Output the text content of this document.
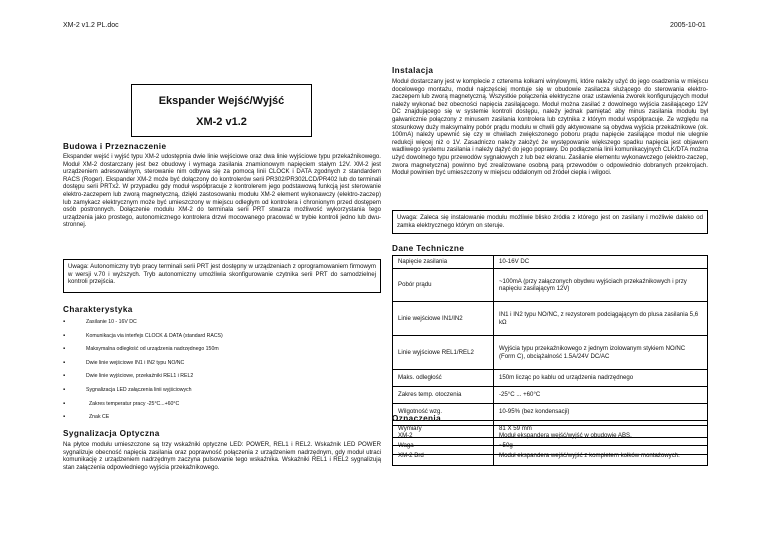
XM-2 v1.2 PL.doc	2005-10-01
Ekspander Wejść/Wyjść
XM-2 v1.2
Budowa i Przeznaczenie

Ekspander wejść i wyjść typu XM-2 udostępnia dwie linie wejściowe oraz dwa linie wyjściowe typu przekaźnikowego. Moduł XM-2 dostarczany jest bez obudowy i wymaga zasilania znamionowym napięciem stałym 12V. XM-2 jest urządzeniem adresowalnym, sterowanie nim odbywa się za pomocą linii CLOCK i DATA zgodnych z standardem RACS (Roger). Ekspander XM-2 może być dołączony do kontrolerów serii PR302/PR302LCD/PR402 lub do terminali dostępu serii PRTx2. W przypadku gdy moduł współpracuje z kontrolerem jego podstawową funkcją jest sterowanie elektro-zaczepem lub zworą magnetyczną, dzięki zastosowaniu modułu XM-2 element wykonawczy (elektro-zaczep) lub zamykacz elektrycznym może być umieszczony w miejscu odległym od kontrolera i chronionym przed dostępem osób postronnych. Dołączenie modułu XM-2 do terminala serii PRT stwarza możliwość wykorzystania tego urządzenia jako prostego, autonomicznego kontrolera drzwi mocowanego pracować w trybie kontroli jedno lub dwu-stronnej.

Uwaga: Autonomiczny tryb pracy terminali serii PRT jest dostępny w urządzeniach z oprogramowaniem firmowym w wersji v.70 i wyższych. Tryb autonomiczny umożliwia skonfigurowanie czytnika serii PRT do samodzielnej kontroli przejścia.
Charakterystyka
▪ Zasilanie 10 - 16V DC
▪ Komunikacja via interfejs CLOCK & DATA (standard RACS)
▪ Maksymalna odległość od urządzenia nadrzędnego 150m
▪ Dwie linie wejściowe IN1 i IN2 typu NO/NC
▪ Dwie linie wyjściowe, przekaźniki REL1 i REL2
▪ Sygnalizacja LED załączenia linii wyjściowych
▪ Zakres temperatur pracy -25°C...+60°C
▪ Znak CE
Sygnalizacja Optyczna

Na płytce modułu umieszczone są trzy wskaźniki optyczne LED: POWER, REL1 i REL2. Wskaźnik LED POWER sygnalizuje obecność napięcia zasilania oraz poprawność połączenia z urządzeniem nadrzędnym, gdy moduł utraci komunikację z urządzeniem nadrzędnym zaczyna pulsowanie tego wskaźnika. Wskaźniki REL1 i REL2 sygnalizują stan załączenia odpowiedniego wyjścia przekaźnikowego.

Instalacja

Moduł dostarczany jest w komplecie z czterema kołkami winylowymi, które należy użyć do jego osadzenia w miejscu docelowego montażu, moduł najczęściej montuje się w obudowie zasilacza służącego do sterowania elektro-zaczepem lub zworą magnetyczną. Wszystkie połączenia elektryczne oraz ustawienia zworek konfigurujących moduł należy wykonać bez obecności napięcia zasilającego. Moduł można zasilać z dowolnego wyjścia zasilającego 12V DC znajdującego się w systemie kontroli dostępu, należy jednak pamiętać aby minus zasilania modułu był galwanicznie połączony z minusem zasilania kontrolera lub czytnika z którym moduł współpracuje. Ze względu na stosunkowy duży maksymalny pobór prądu modułu w chwili gdy aktywowane są obydwa wyjścia przekaźnikowe (ok. 100mA) należy upewnić się czy w chwilach zwiększonego poboru prądu napięcie zasilające moduł nie ulegnie redukcji więcej niż o 1V. Zasadniczo należy założyć że występowanie większego spadku napięcia jest objawem wadliwego systemu zasilania i należy dążyć do jego poprawy. Do podłączenia linii komunikacyjnych CLK/DTA można użyć dowolnego typu przewodów sygnałowych z lub bez ekranu. Zasilanie elementu wykonawczego (elektro-zaczep, zwora magnetyczna) powinno być zrealizowane osobną parą przewodów o odpowiednio dobranych przekrojach. Moduł powinien być umieszczony w miejscu oddalonym od źródeł ciepła i wilgoci.

Uwaga: Zaleca się instalowanie modułu możliwie blisko źródła z którego jest on zasilany i możliwie daleko od zamka elektrycznego którym on steruje.
Dane Techniczne
Napięcie zasilania	10-16V DC
Pobór prądu	~100mA (przy załączonych obydwu wyjściach przekaźnikowych i przy napięciu zasilającym 12V)
Linie wejściowe IN1/IN2	IN1 i IN2 typu NO/NC, z rezystorem podciągającym do plusa zasilania 5,6 kΩ
Linie wyjściowe REL1/REL2	Wyjścia typu przekaźnikowego z jednym izolowanym stykiem NO/NC (Form C), obciążalność 1.5A/24V DC/AC
Maks. odległość	150m licząc po kablu od urządzenia nadrzędnego
Zakres temp. otoczenia	-25°C ... +60°C
Wilgotność wzg.	10-95% (bez kondensacji)
Wymiary	81 X 59 mm
Waga	~50g
Oznaczenia
XM-2	Moduł ekspandera wejść/wyjść w obudowie ABS.
XM-2 Brd	Moduł ekspandera wejść/wyjść z kompletem kołków montażowych.
